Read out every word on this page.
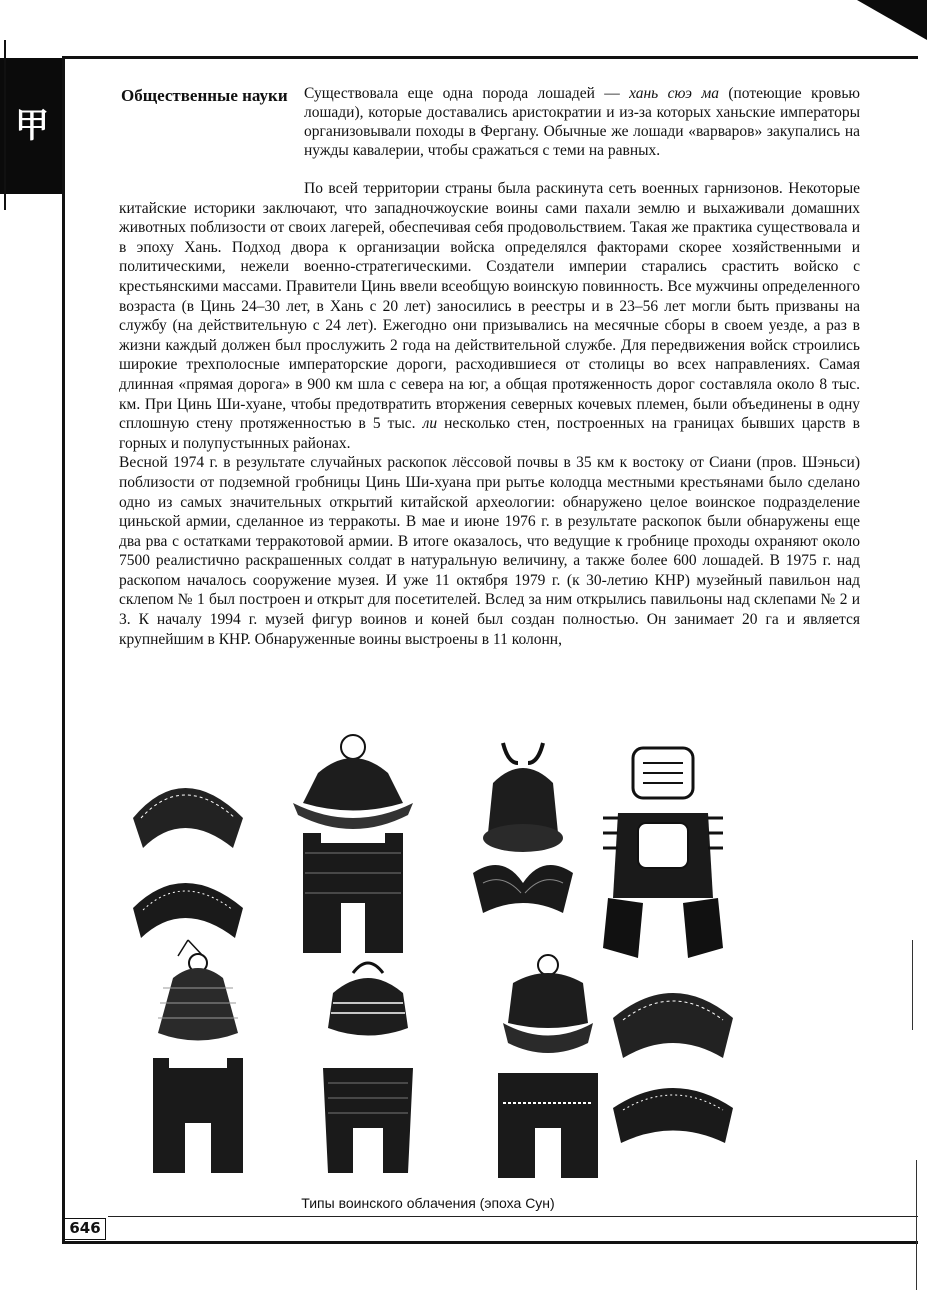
甲
Общественные науки Существовала еще одна порода лошадей — хань сюэ ма (потеющие кровью лошади), которые доставались аристократии и из-за которых ханьские императоры организовывали походы в Фергану. Обычные же лошади «варваров» закупались на нужды кавалерии, чтобы сражаться с теми на равных.

По всей территории страны была раскинута сеть военных гарнизонов. Некоторые китайские историки заключают, что западночжоуские воины сами пахали землю и выхаживали домашних животных поблизости от своих лагерей, обеспечивая себя продовольствием. Такая же практика существовала и в эпоху Хань. Подход двора к организации войска определялся факторами скорее хозяйственными и политическими, нежели военно-стратегическими. Создатели империи старались срастить войско с крестьянскими массами. Правители Цинь ввели всеобщую воинскую повинность. Все мужчины определенного возраста (в Цинь 24–30 лет, в Хань с 20 лет) заносились в реестры и в 23–56 лет могли быть призваны на службу (на действительную с 24 лет). Ежегодно они призывались на месячные сборы в своем уезде, а раз в жизни каждый должен был прослужить 2 года на действительной службе. Для передвижения войск строились широкие трехполосные императорские дороги, расходившиеся от столицы во всех направлениях. Самая длинная «прямая дорога» в 900 км шла с севера на юг, а общая протяженность дорог составляла около 8 тыс. км. При Цинь Ши-хуане, чтобы предотвратить вторжения северных кочевых племен, были объединены в одну сплошную стену протяженностью в 5 тыс. ли несколько стен, построенных на границах бывших царств в горных и полупустынных районах.

Весной 1974 г. в результате случайных раскопок лёссовой почвы в 35 км к востоку от Сиани (пров. Шэньси) поблизости от подземной гробницы Цинь Ши-хуана при рытье колодца местными крестьянами было сделано одно из самых значительных открытий китайской археологии: обнаружено целое воинское подразделение циньской армии, сделанное из терракоты. В мае и июне 1976 г. в результате раскопок были обнаружены еще два рва с остатками терракотовой армии. В итоге оказалось, что ведущие к гробнице проходы охраняют около 7500 реалистично раскрашенных солдат в натуральную величину, а также более 600 лошадей. В 1975 г. над раскопом началось сооружение музея. И уже 11 октября 1979 г. (к 30-летию КНР) музейный павильон над склепом № 1 был построен и открыт для посетителей. Вслед за ним открылись павильоны над склепами № 2 и 3. К началу 1994 г. музей фигур воинов и коней был создан полностью. Он занимает 20 га и является крупнейшим в КНР. Обнаруженные воины выстроены в 11 колонн,

Типы воинского облачения (эпоха Сун)
646
